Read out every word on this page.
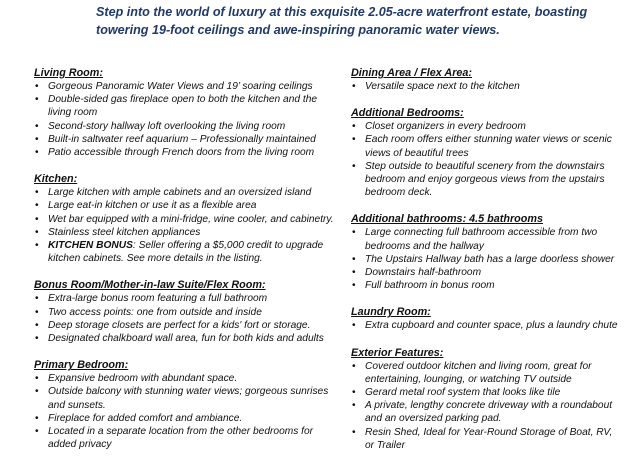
Step into the world of luxury at this exquisite 2.05-acre waterfront estate, boasting towering 19-foot ceilings and awe-inspiring panoramic water views.
Living Room:
• Gorgeous Panoramic Water Views and 19’ soaring ceilings
• Double-sided gas fireplace open to both the kitchen and the living room
• Second-story hallway loft overlooking the living room
• Built-in saltwater reef aquarium – Professionally maintained
• Patio accessible through French doors from the living room
Kitchen:
• Large kitchen with ample cabinets and an oversized island
• Large eat-in kitchen or use it as a flexible area
• Wet bar equipped with a mini-fridge, wine cooler, and cabinetry.
• Stainless steel kitchen appliances
• KITCHEN BONUS: Seller offering a $5,000 credit to upgrade kitchen cabinets. See more details in the listing.
Bonus Room/Mother-in-law Suite/Flex Room:
• Extra-large bonus room featuring a full bathroom
• Two access points: one from outside and inside
• Deep storage closets are perfect for a kids' fort or storage.
• Designated chalkboard wall area, fun for both kids and adults
Primary Bedroom:
• Expansive bedroom with abundant space.
• Outside balcony with stunning water views; gorgeous sunrises and sunsets.
• Fireplace for added comfort and ambiance.
• Located in a separate location from the other bedrooms for added privacy
Dining Area / Flex Area:
• Versatile space next to the kitchen
Additional Bedrooms:
• Closet organizers in every bedroom
• Each room offers either stunning water views or scenic views of beautiful trees
• Step outside to beautiful scenery from the downstairs bedroom and enjoy gorgeous views from the upstairs bedroom deck.
Additional bathrooms: 4.5 bathrooms
• Large connecting full bathroom accessible from two bedrooms and the hallway
• The Upstairs Hallway bath has a large doorless shower
• Downstairs half-bathroom
• Full bathroom in bonus room
Laundry Room:
• Extra cupboard and counter space, plus a laundry chute
Exterior Features:
• Covered outdoor kitchen and living room, great for entertaining, lounging, or watching TV outside
• Gerard metal roof system that looks like tile
• A private, lengthy concrete driveway with a roundabout and an oversized parking pad.
• Resin Shed, Ideal for Year-Round Storage of Boat, RV, or Trailer
